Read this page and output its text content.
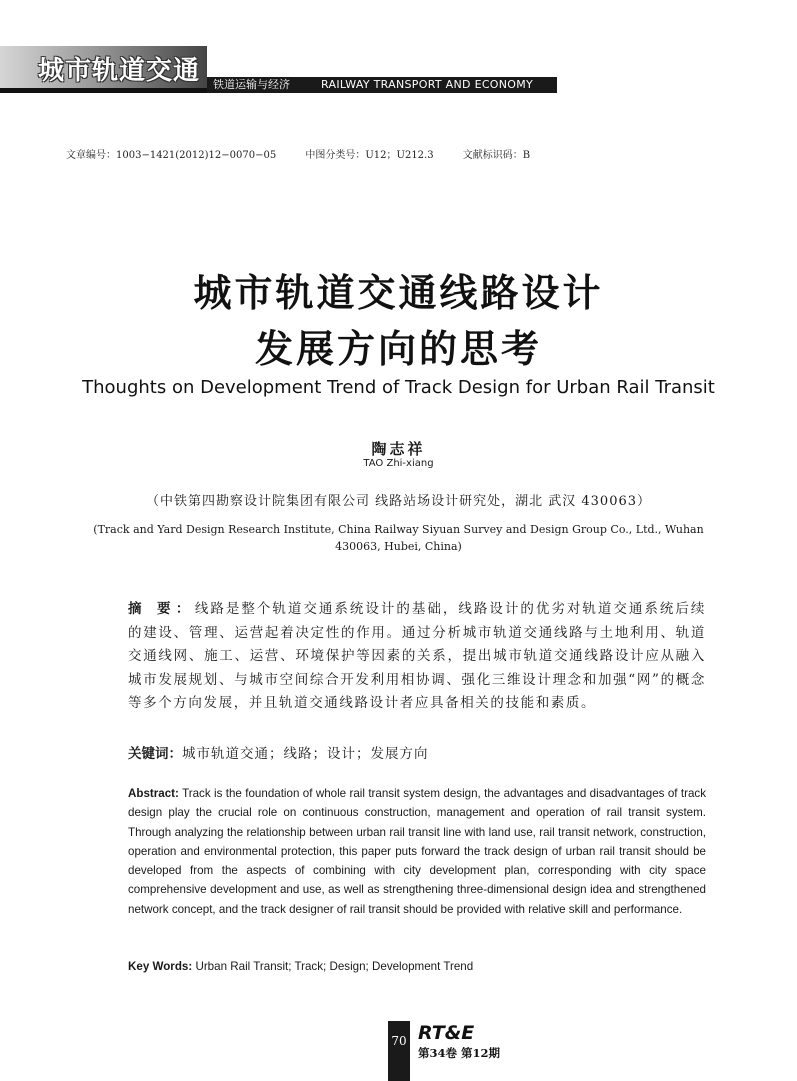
城市轨道交通 铁道运输与经济	RAILWAY TRANSPORT AND ECONOMY
文章编号：1003−1421(2012)12−0070−05	中图分类号：U12；U212.3	文献标识码：B
城市轨道交通线路设计
发展方向的思考
Thoughts on Development Trend of Track Design for Urban Rail Transit
陶志祥
TAO Zhi-xiang
（中铁第四勘察设计院集团有限公司 线路站场设计研究处，湖北 武汉 430063）
(Track and Yard Design Research Institute, China Railway Siyuan Survey and Design Group Co., Ltd., Wuhan 430063, Hubei, China)
摘 要：线路是整个轨道交通系统设计的基础，线路设计的优劣对轨道交通系统后续的建设、管理、运营起着决定性的作用。通过分析城市轨道交通线路与土地利用、轨道交通线网、施工、运营、环境保护等因素的关系，提出城市轨道交通线路设计应从融入城市发展规划、与城市空间综合开发利用相协调、强化三维设计理念和加强“网”的概念等多个方向发展，并且轨道交通线路设计者应具备相关的技能和素质。
关键词：城市轨道交通；线路；设计；发展方向
Abstract: Track is the foundation of whole rail transit system design, the advantages and disadvantages of track design play the crucial role on continuous construction, management and operation of rail transit system. Through analyzing the relationship between urban rail transit line with land use, rail transit network, construction, operation and environmental protection, this paper puts forward the track design of urban rail transit should be developed from the aspects of combining with city development plan, corresponding with city space comprehensive development and use, as well as strengthening three-dimensional design idea and strengthened network concept, and the track designer of rail transit should be provided with relative skill and performance.
Key Words: Urban Rail Transit; Track; Design; Development Trend
70 RT&E
第34卷 第12期
